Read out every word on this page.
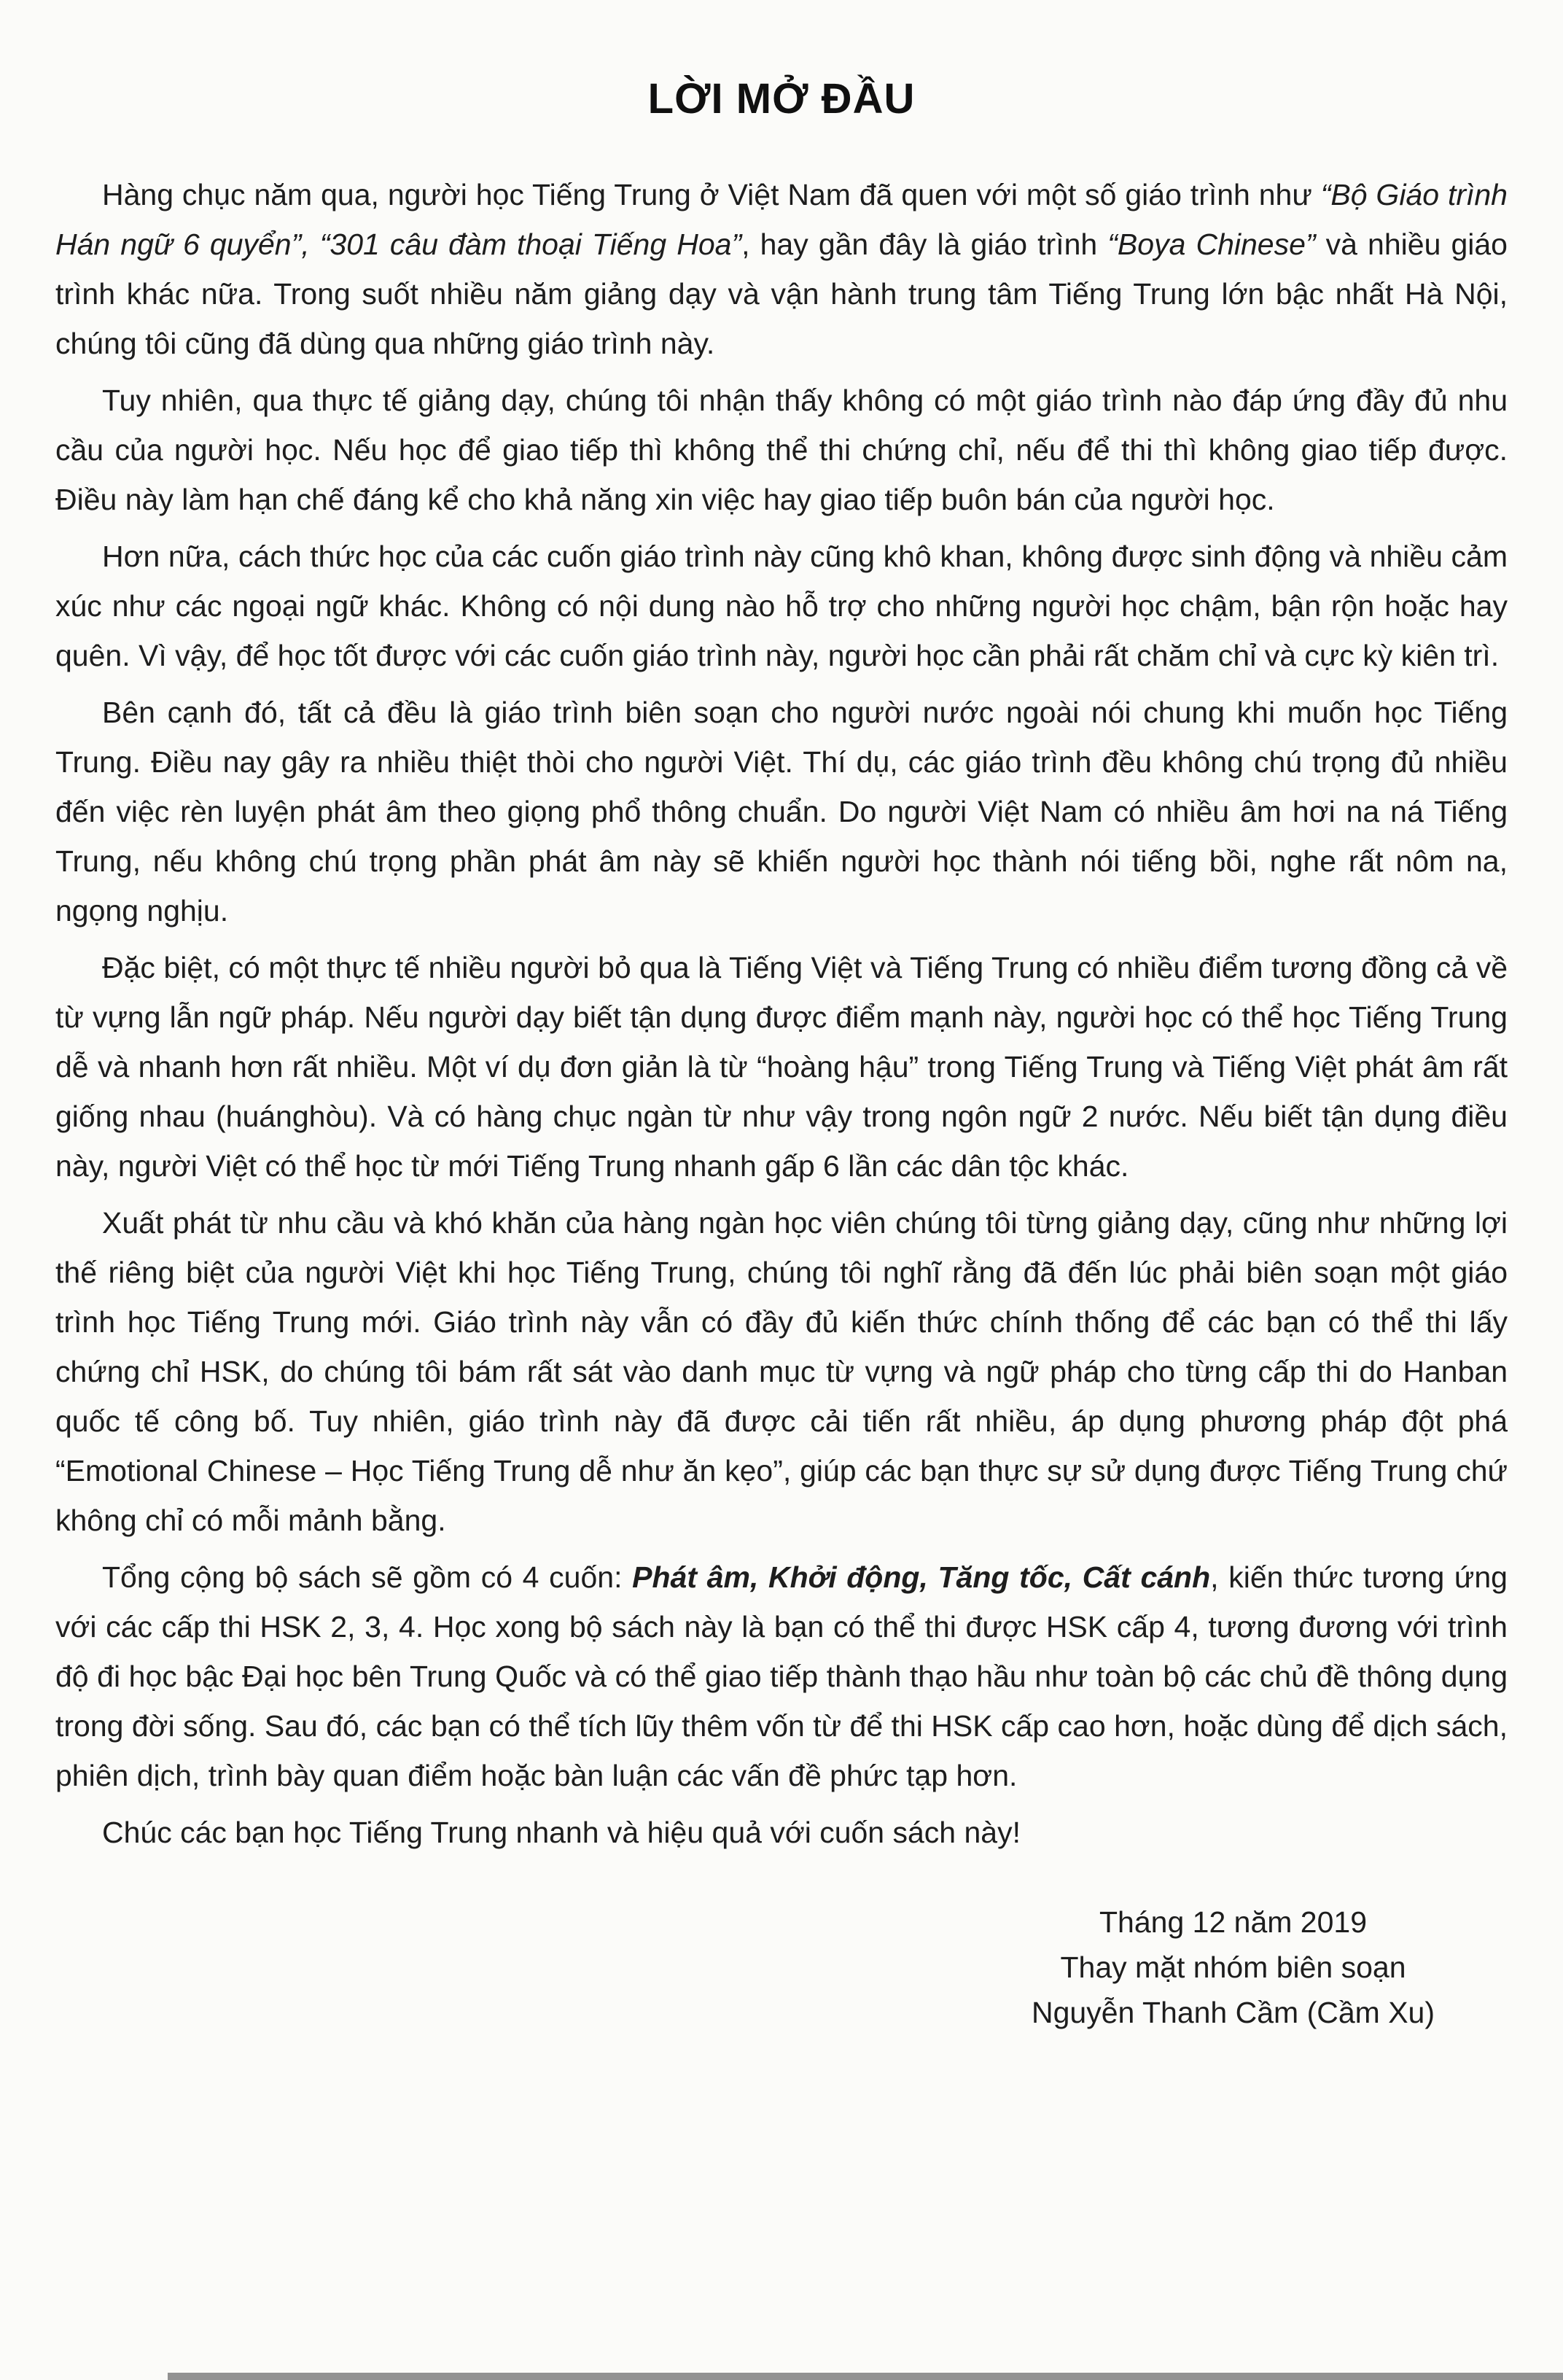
LỜI MỞ ĐẦU

Hàng chục năm qua, người học Tiếng Trung ở Việt Nam đã quen với một số giáo trình như “Bộ Giáo trình Hán ngữ 6 quyển”, “301 câu đàm thoại Tiếng Hoa”, hay gần đây là giáo trình “Boya Chinese” và nhiều giáo trình khác nữa. Trong suốt nhiều năm giảng dạy và vận hành trung tâm Tiếng Trung lớn bậc nhất Hà Nội, chúng tôi cũng đã dùng qua những giáo trình này.

Tuy nhiên, qua thực tế giảng dạy, chúng tôi nhận thấy không có một giáo trình nào đáp ứng đầy đủ nhu cầu của người học. Nếu học để giao tiếp thì không thể thi chứng chỉ, nếu để thi thì không giao tiếp được. Điều này làm hạn chế đáng kể cho khả năng xin việc hay giao tiếp buôn bán của người học.

Hơn nữa, cách thức học của các cuốn giáo trình này cũng khô khan, không được sinh động và nhiều cảm xúc như các ngoại ngữ khác. Không có nội dung nào hỗ trợ cho những người học chậm, bận rộn hoặc hay quên. Vì vậy, để học tốt được với các cuốn giáo trình này, người học cần phải rất chăm chỉ và cực kỳ kiên trì.

Bên cạnh đó, tất cả đều là giáo trình biên soạn cho người nước ngoài nói chung khi muốn học Tiếng Trung. Điều nay gây ra nhiều thiệt thòi cho người Việt. Thí dụ, các giáo trình đều không chú trọng đủ nhiều đến việc rèn luyện phát âm theo giọng phổ thông chuẩn. Do người Việt Nam có nhiều âm hơi na ná Tiếng Trung, nếu không chú trọng phần phát âm này sẽ khiến người học thành nói tiếng bồi, nghe rất nôm na, ngọng nghịu.

Đặc biệt, có một thực tế nhiều người bỏ qua là Tiếng Việt và Tiếng Trung có nhiều điểm tương đồng cả về từ vựng lẫn ngữ pháp. Nếu người dạy biết tận dụng được điểm mạnh này, người học có thể học Tiếng Trung dễ và nhanh hơn rất nhiều. Một ví dụ đơn giản là từ “hoàng hậu” trong Tiếng Trung và Tiếng Việt phát âm rất giống nhau (huánghòu). Và có hàng chục ngàn từ như vậy trong ngôn ngữ 2 nước. Nếu biết tận dụng điều này, người Việt có thể học từ mới Tiếng Trung nhanh gấp 6 lần các dân tộc khác.

Xuất phát từ nhu cầu và khó khăn của hàng ngàn học viên chúng tôi từng giảng dạy, cũng như những lợi thế riêng biệt của người Việt khi học Tiếng Trung, chúng tôi nghĩ rằng đã đến lúc phải biên soạn một giáo trình học Tiếng Trung mới. Giáo trình này vẫn có đầy đủ kiến thức chính thống để các bạn có thể thi lấy chứng chỉ HSK, do chúng tôi bám rất sát vào danh mục từ vựng và ngữ pháp cho từng cấp thi do Hanban quốc tế công bố. Tuy nhiên, giáo trình này đã được cải tiến rất nhiều, áp dụng phương pháp đột phá “Emotional Chinese – Học Tiếng Trung dễ như ăn kẹo”, giúp các bạn thực sự sử dụng được Tiếng Trung chứ không chỉ có mỗi mảnh bằng.

Tổng cộng bộ sách sẽ gồm có 4 cuốn: Phát âm, Khởi động, Tăng tốc, Cất cánh, kiến thức tương ứng với các cấp thi HSK 2, 3, 4. Học xong bộ sách này là bạn có thể thi được HSK cấp 4, tương đương với trình độ đi học bậc Đại học bên Trung Quốc và có thể giao tiếp thành thạo hầu như toàn bộ các chủ đề thông dụng trong đời sống. Sau đó, các bạn có thể tích lũy thêm vốn từ để thi HSK cấp cao hơn, hoặc dùng để dịch sách, phiên dịch, trình bày quan điểm hoặc bàn luận các vấn đề phức tạp hơn.

Chúc các bạn học Tiếng Trung nhanh và hiệu quả với cuốn sách này!

Tháng 12 năm 2019
Thay mặt nhóm biên soạn
Nguyễn Thanh Cầm (Cầm Xu)
